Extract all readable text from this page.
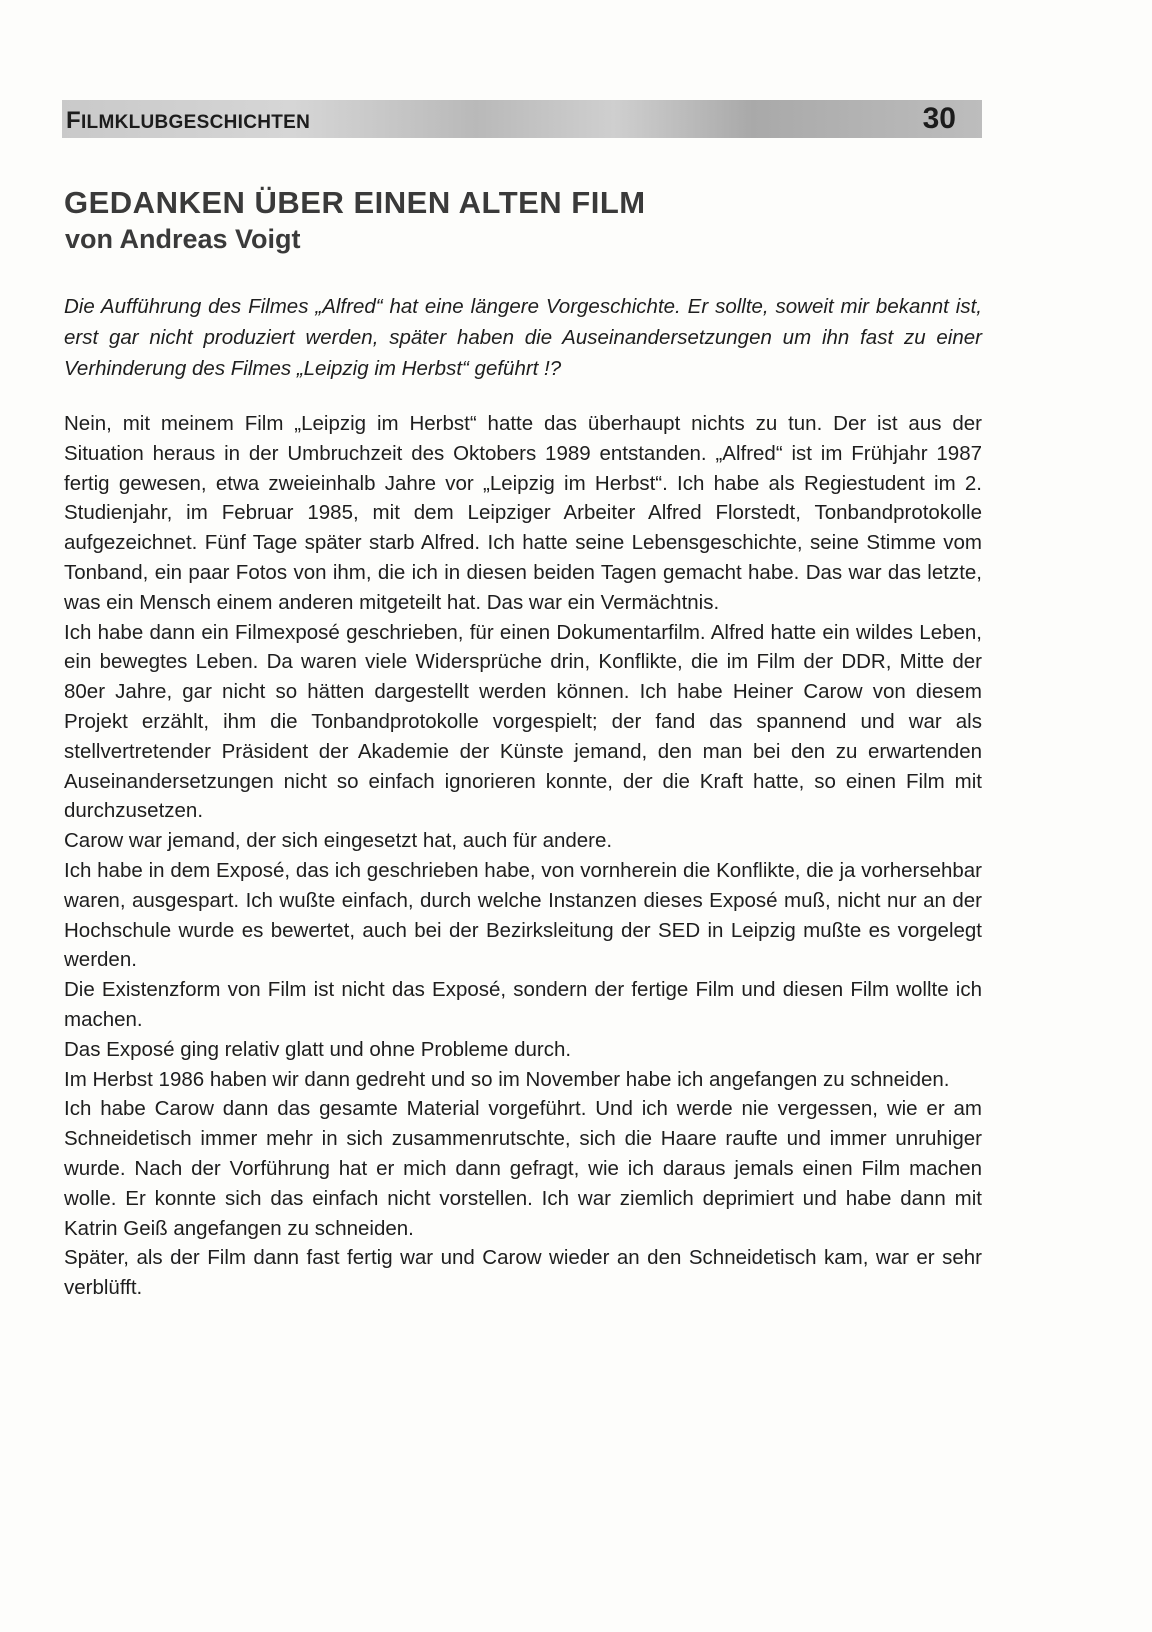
FILMKLUBGESCHICHTEN	30
GEDANKEN ÜBER EINEN ALTEN FILM
von Andreas Voigt

Die Aufführung des Filmes „Alfred“ hat eine längere Vorgeschichte. Er sollte, soweit mir bekannt ist, erst gar nicht produziert werden, später haben die Auseinandersetzungen um ihn fast zu einer Verhinderung des Filmes „Leipzig im Herbst“ geführt !?

Nein, mit meinem Film „Leipzig im Herbst“ hatte das überhaupt nichts zu tun. Der ist aus der Situation heraus in der Umbruchzeit des Oktobers 1989 entstanden. „Alfred“ ist im Frühjahr 1987 fertig gewesen, etwa zweieinhalb Jahre vor „Leipzig im Herbst“. Ich habe als Regiestudent im 2. Studienjahr, im Februar 1985, mit dem Leipziger Arbeiter Alfred Florstedt, Tonbandprotokolle aufgezeichnet. Fünf Tage später starb Alfred. Ich hatte seine Lebensgeschichte, seine Stimme vom Tonband, ein paar Fotos von ihm, die ich in diesen beiden Tagen gemacht habe. Das war das letzte, was ein Mensch einem anderen mitgeteilt hat. Das war ein Vermächtnis.

Ich habe dann ein Filmexposé geschrieben, für einen Dokumentarfilm. Alfred hatte ein wildes Leben, ein bewegtes Leben. Da waren viele Widersprüche drin, Konflikte, die im Film der DDR, Mitte der 80er Jahre, gar nicht so hätten dargestellt werden können. Ich habe Heiner Carow von diesem Projekt erzählt, ihm die Tonbandprotokolle vorgespielt; der fand das spannend und war als stellvertretender Präsident der Akademie der Künste jemand, den man bei den zu erwartenden Auseinandersetzungen nicht so einfach ignorieren konnte, der die Kraft hatte, so einen Film mit durchzusetzen.

Carow war jemand, der sich eingesetzt hat, auch für andere.

Ich habe in dem Exposé, das ich geschrieben habe, von vornherein die Konflikte, die ja vorhersehbar waren, ausgespart. Ich wußte einfach, durch welche Instanzen dieses Exposé muß, nicht nur an der Hochschule wurde es bewertet, auch bei der Bezirksleitung der SED in Leipzig mußte es vorgelegt werden.

Die Existenzform von Film ist nicht das Exposé, sondern der fertige Film und diesen Film wollte ich machen.

Das Exposé ging relativ glatt und ohne Probleme durch.

Im Herbst 1986 haben wir dann gedreht und so im November habe ich angefangen zu schneiden.

Ich habe Carow dann das gesamte Material vorgeführt. Und ich werde nie vergessen, wie er am Schneidetisch immer mehr in sich zusammenrutschte, sich die Haare raufte und immer unruhiger wurde. Nach der Vorführung hat er mich dann gefragt, wie ich daraus jemals einen Film machen wolle. Er konnte sich das einfach nicht vorstellen. Ich war ziemlich deprimiert und habe dann mit Katrin Geiß angefangen zu schneiden.

Später, als der Film dann fast fertig war und Carow wieder an den Schneidetisch kam, war er sehr verblüfft.
